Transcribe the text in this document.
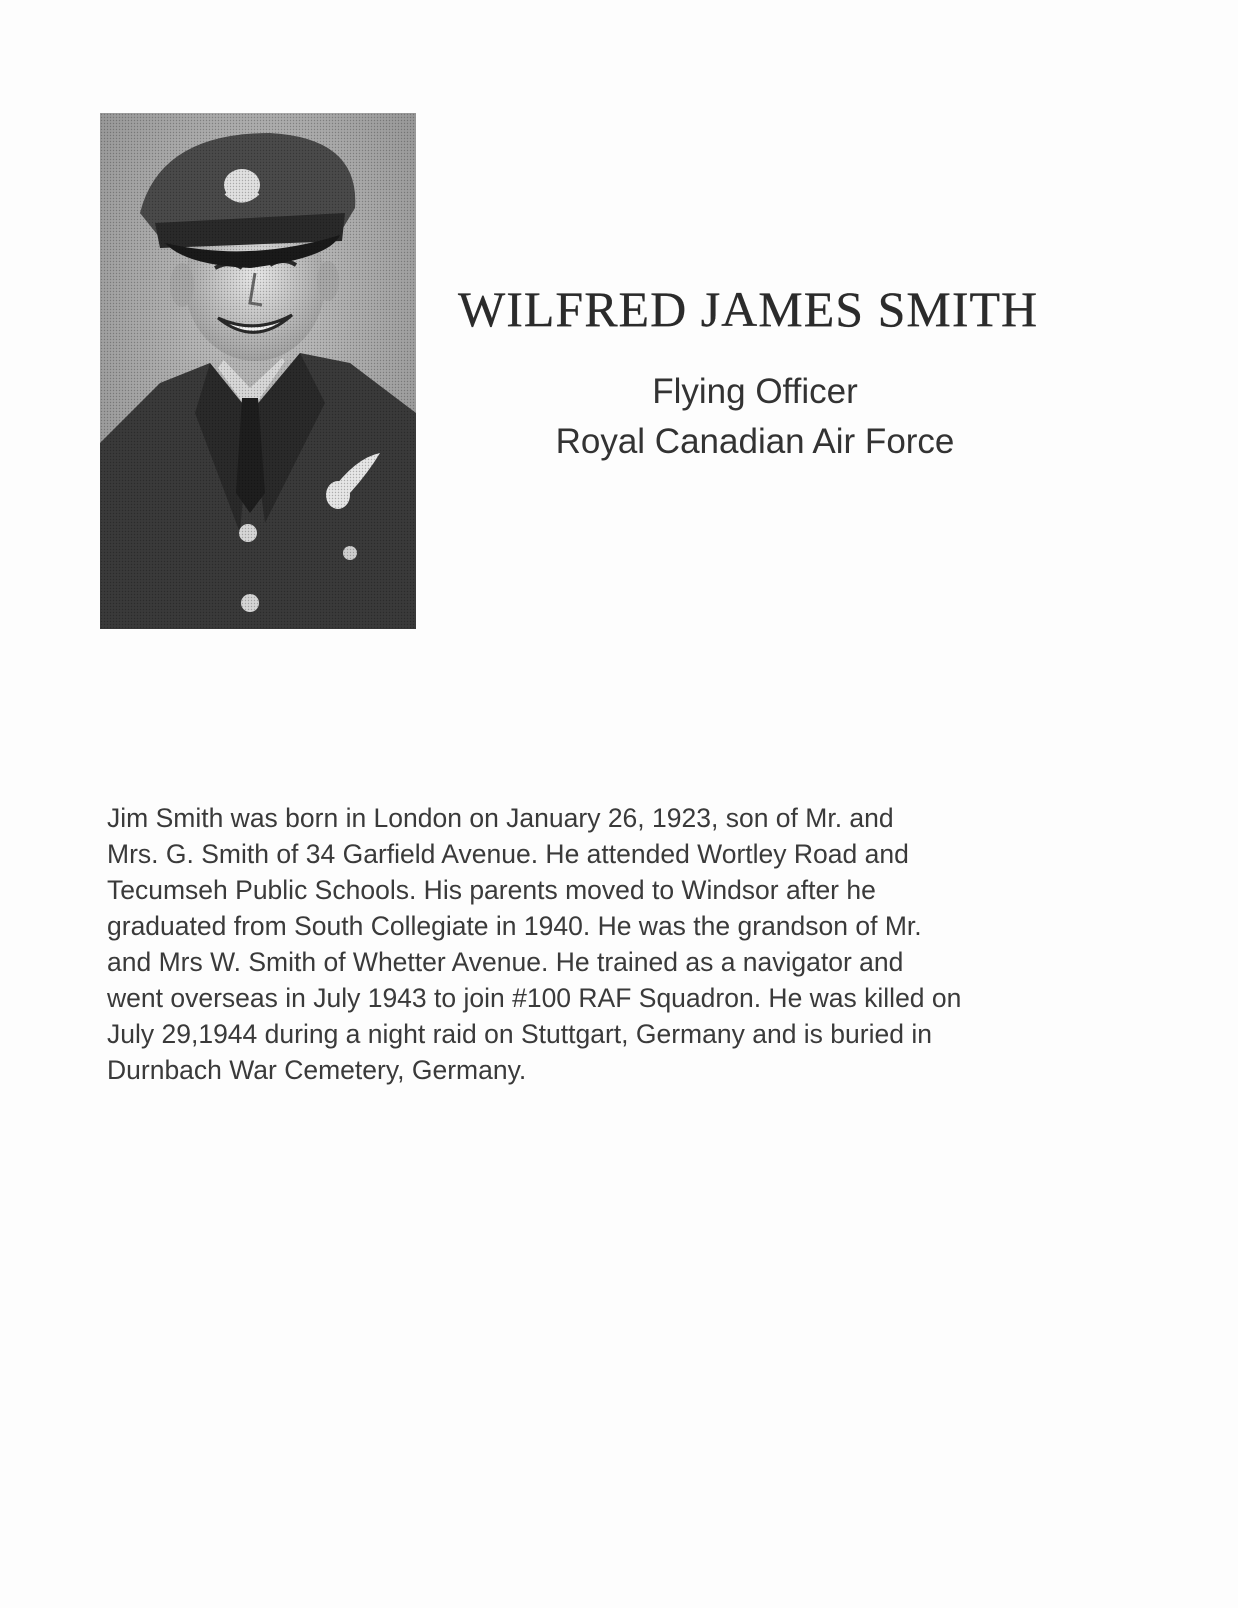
WILFRED JAMES SMITH
Flying Officer
Royal Canadian Air Force
Jim Smith was born in London on January 26, 1923, son of Mr. and
Mrs. G. Smith of 34 Garfield Avenue. He attended Wortley Road and
Tecumseh Public Schools. His parents moved to Windsor after he
graduated from South Collegiate in 1940. He was the grandson of Mr.
and Mrs W. Smith of Whetter Avenue. He trained as a navigator and
went overseas in July 1943 to join #100 RAF Squadron. He was killed on
July 29,1944 during a night raid on Stuttgart, Germany and is buried in
Durnbach War Cemetery, Germany.
